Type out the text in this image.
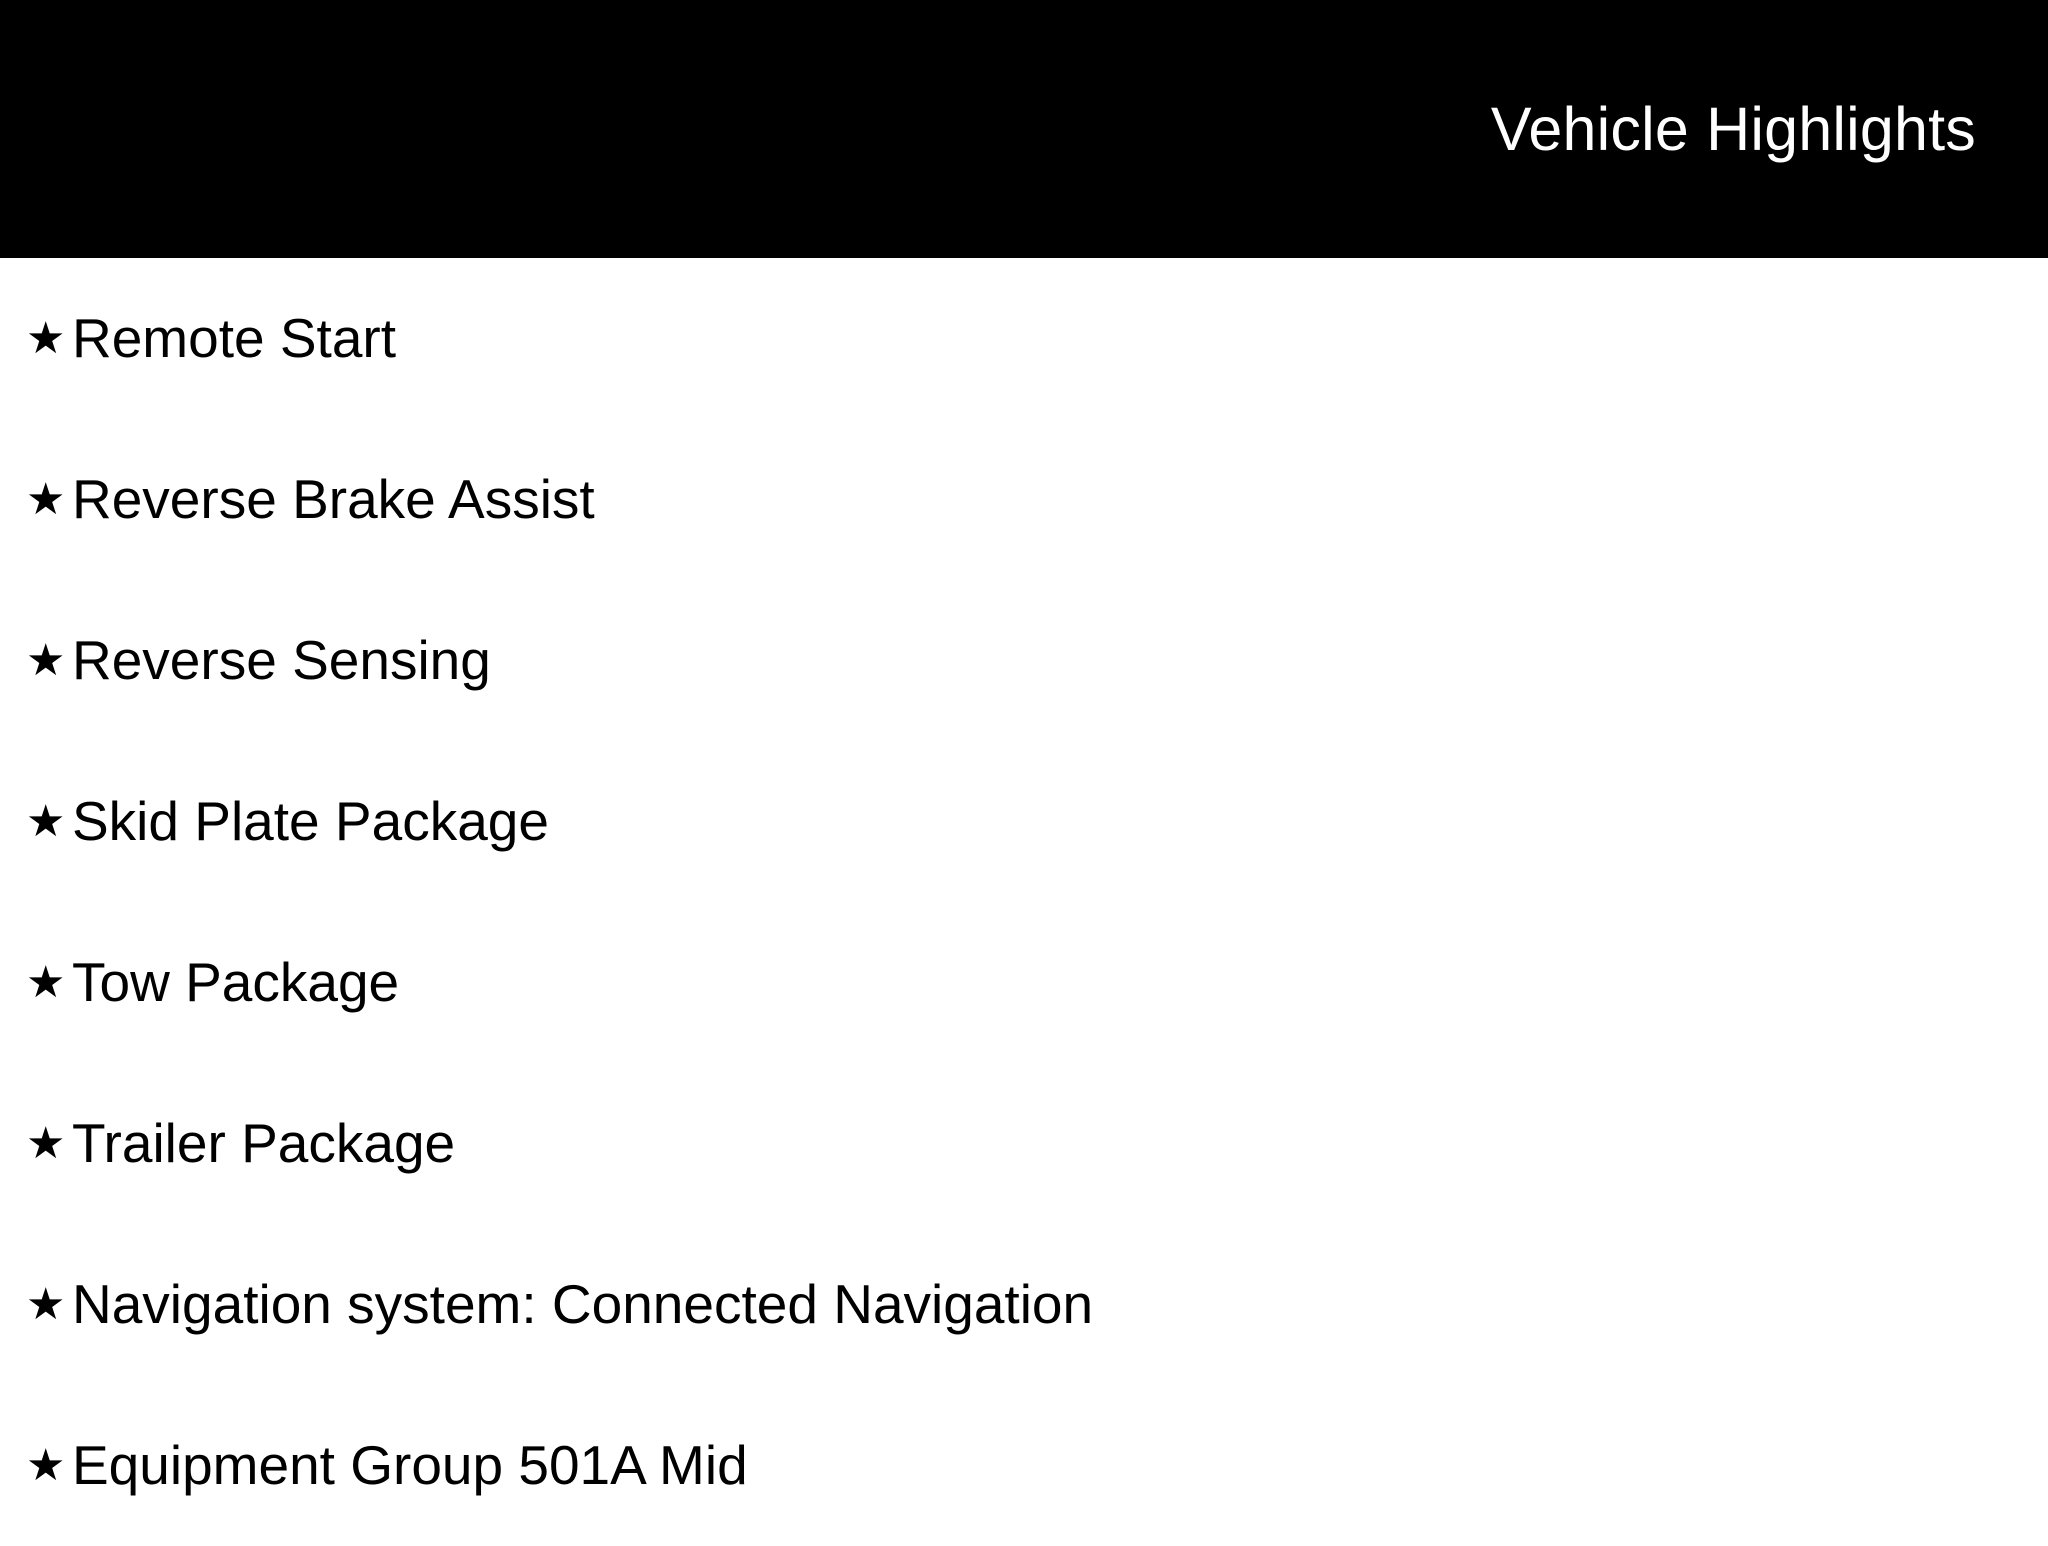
Vehicle Highlights
★ Remote Start
★ Reverse Brake Assist
★ Reverse Sensing
★ Skid Plate Package
★ Tow Package
★ Trailer Package
★ Navigation system: Connected Navigation
★ Equipment Group 501A Mid
